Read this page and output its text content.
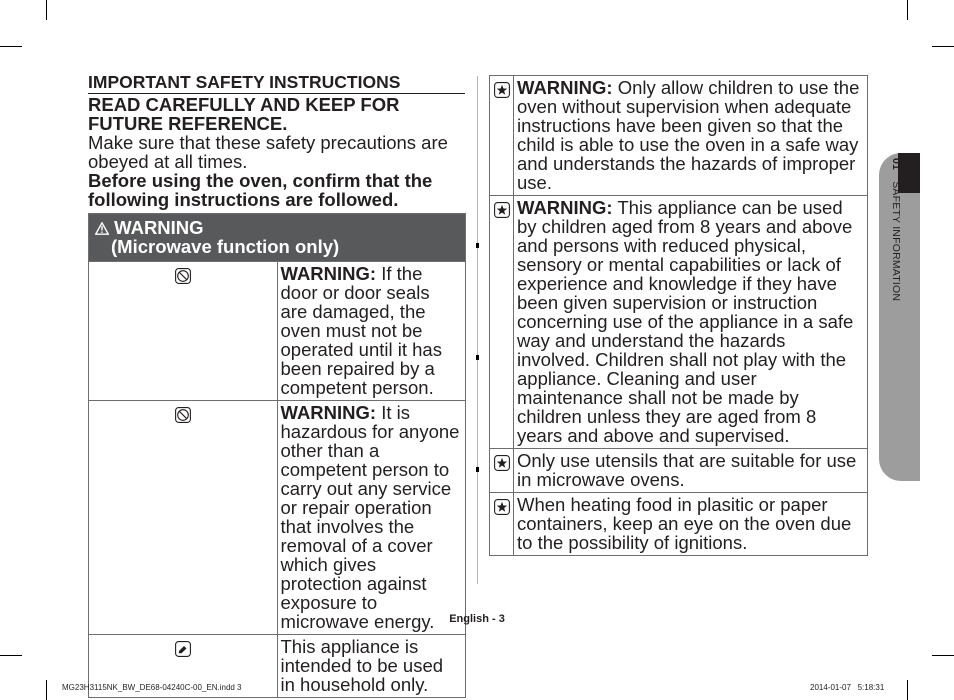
IMPORTANT SAFETY INSTRUCTIONS

READ CAREFULLY AND KEEP FOR FUTURE REFERENCE.

Make sure that these safety precautions are obeyed at all times.

Before using the oven, confirm that the following instructions are followed.

WARNING
(Microwave function only)	

	WARNING: If the door or door seals are damaged, the oven must not be operated until it has been repaired by a competent person.

	WARNING: It is hazardous for anyone other than a competent person to carry out any service or repair operation that involves the removal of a cover which gives protection against exposure to microwave energy.

	This appliance is intended to be used in household only.
	WARNING: Only allow children to use the oven without supervision when adequate instructions have been given so that the child is able to use the oven in a safe way and understands the hazards of improper use.

	WARNING: This appliance can be used by children aged from 8 years and above and persons with reduced physical, sensory or mental capabilities or lack of experience and knowledge if they have been given supervision or instruction concerning use of the appliance in a safe way and understand the hazards involved. Children shall not play with the appliance. Cleaning and user maintenance shall not be made by children unless they are aged from 8 years and above and supervised.

	Only use utensils that are suitable for use in microwave ovens.

	When heating food in plasitic or paper containers, keep an eye on the oven due to the possibility of ignitions.
01 SAFETY INFORMATION
English - 3
MG23H3115NK_BW_DE68-04240C-00_EN.indd 3	2014-01-07   5:18:31
